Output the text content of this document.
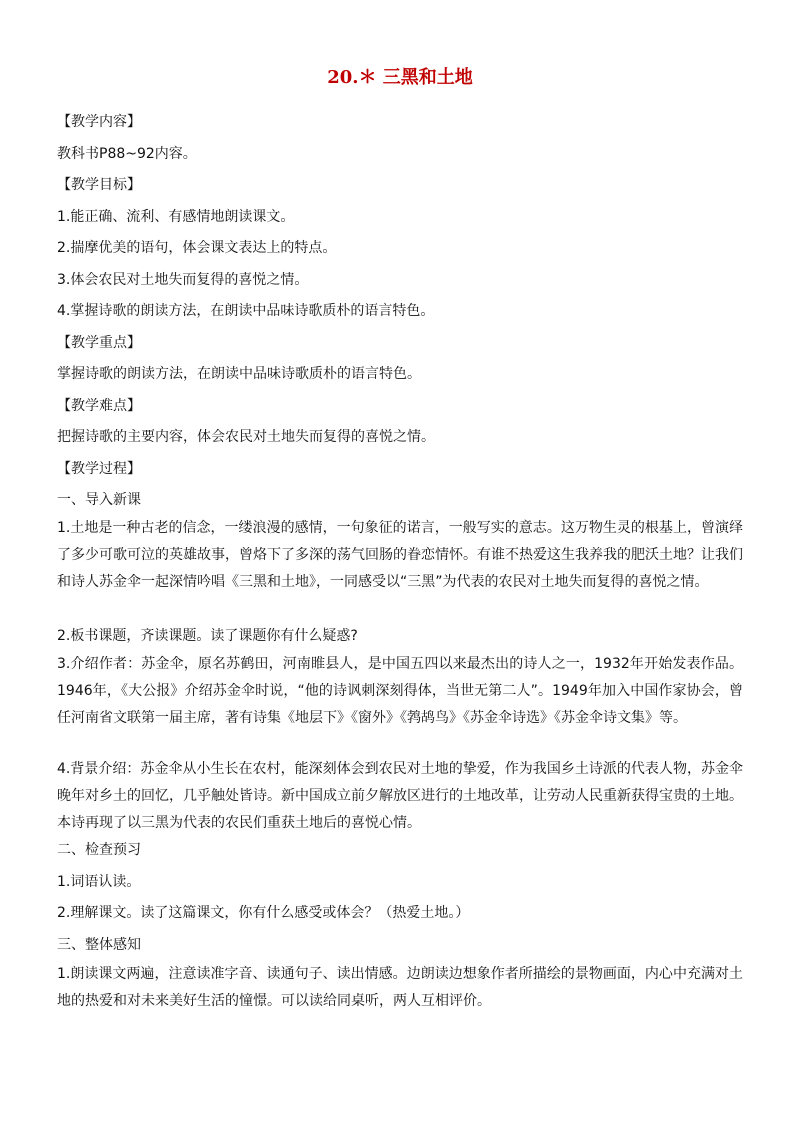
20.＊ 三黑和土地
【教学内容】
教科书P88~92内容。
【教学目标】
1.能正确、流利、有感情地朗读课文。
2.揣摩优美的语句，体会课文表达上的特点。
3.体会农民对土地失而复得的喜悦之情。
4.掌握诗歌的朗读方法，在朗读中品味诗歌质朴的语言特色。
【教学重点】
掌握诗歌的朗读方法，在朗读中品味诗歌质朴的语言特色。
【教学难点】
把握诗歌的主要内容，体会农民对土地失而复得的喜悦之情。
【教学过程】
一、导入新课
1.土地是一种古老的信念，一缕浪漫的感情，一句象征的诺言，一般写实的意志。这万物生灵的根基上，曾演绎了多少可歌可泣的英雄故事，曾烙下了多深的荡气回肠的眷恋情怀。有谁不热爱这生我养我的肥沃土地？让我们和诗人苏金伞一起深情吟唱《三黑和土地》，一同感受以“三黑”为代表的农民对土地失而复得的喜悦之情。
2.板书课题，齐读课题。读了课题你有什么疑惑?
3.介绍作者：苏金伞，原名苏鹤田，河南睢县人，是中国五四以来最杰出的诗人之一，1932年开始发表作品。1946年，《大公报》介绍苏金伞时说，“他的诗讽刺深刻得体，当世无第二人”。1949年加入中国作家协会，曾任河南省文联第一届主席，著有诗集《地层下》《窗外》《鹁鸪鸟》《苏金伞诗选》《苏金伞诗文集》等。
4.背景介绍：苏金伞从小生长在农村，能深刻体会到农民对土地的挚爱，作为我国乡土诗派的代表人物，苏金伞晚年对乡土的回忆，几乎触处皆诗。新中国成立前夕解放区进行的土地改革，让劳动人民重新获得宝贵的土地。本诗再现了以三黑为代表的农民们重获土地后的喜悦心情。
二、检查预习
1.词语认读。
2.理解课文。读了这篇课文，你有什么感受或体会？（热爱土地。）
三、整体感知
1.朗读课文两遍，注意读准字音、读通句子、读出情感。边朗读边想象作者所描绘的景物画面，内心中充满对土地的热爱和对未来美好生活的憧憬。可以读给同桌听，两人互相评价。
